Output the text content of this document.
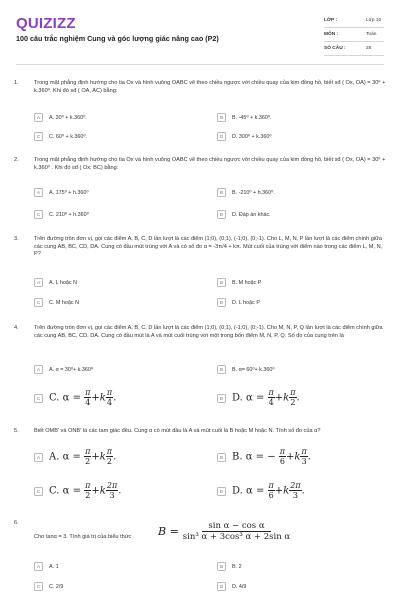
QUIZIZZ
100 câu trắc nghiệm Cung và góc lượng giác nâng cao (P2)
LỚP :	Lớp 10
MÔN :	Toán
SỐ CÂU :	25
1.	Trong mặt phẳng định hướng cho tia Ox và hình vuông OABC vẽ theo chiều ngược với chiều quay của kim đồng hồ, biết sđ ( Ox, OA) = 30⁰ + k.360⁰. Khi đó sđ ( OA, AC) bằng:
A	A. 30⁰ + k.360⁰.	B	B. -45⁰ + k.360⁰.
C	C. 60⁰ + k.360⁰.	D	D. 300⁰ + k.360⁰
2.	Trong mặt phẳng định hướng cho tia Ox và hình vuông OABC vẽ theo chiều ngược với chiều quay của kim đồng hồ, biết sđ ( Ox, OA) = 30⁰ + k.360⁰ . Khi đó sđ ( Ox; BC) bằng:
A	A. 175⁰ + h.360⁰	B	B. -210⁰ + h.360⁰.
C	C. 210⁰ + h.360⁰	D	D. Đáp án khác.
3.	Trên đường tròn đơn vị, gọi các điểm A, B, C, D lần lượt là các điểm (1;0), (0;1), (-1;0), (0;-1). Cho L, M, N, P lần lượt là các điểm chính giữa các cung AB, BC, CD, DA. Cung có đầu mút trùng với A và có số đo α = -3π/4 + kπ. Mút cuối của trùng với điểm nào trong các điểm L, M, N, P?
A	A. L hoặc N	B	B. M hoặc P
C	C. M hoặc N	D	D. L hoặc P
4.	Trên đường tròn đơn vị, gọi các điểm A, B, C, D lần lượt là các điểm (1;0), (0;1), (-1;0), (0;-1). Cho M, N, P, Q lần lượt là các điểm chính giữa các cung AB, BC, CD, DA. Cung có đầu mút là A và mút cuối trùng với một trong bốn điểm M, N, P, Q. Số đo của cung trên là
A	A. α = 30⁰+ k.360⁰	B	B. α= 60⁰+ k.360⁰
C C. $\alpha = \frac{\pi}{4} +k \frac{\pi}{4}$ .	D D. $\alpha = \frac{\pi}{4} +k \frac{\pi}{2}$ .
5.	Biết OMB' và ONB' là các tam giác đều. Cung α có mút đầu là A và mút cuối là B hoặc M hoặc N. Tính số đo của α?
A A. $\alpha = \frac{\pi}{2} +k \frac{\pi}{2}$ .	B B. α = − $\frac{\pi}{6} +k \frac{\pi}{3}$ .
C C. $\alpha = \frac{\pi}{2} +k \frac{2\pi}{3}$ .	D D. $\alpha = \frac{\pi}{6} +k \frac{2\pi}{3}$ .
6.
Cho tanα = 3. Tính giá trị của biểu thức	$B = \frac{\text{sin α − cos α}}{\text{sin³ α + 3cos³ α + 2sin α}}$
A	A. 1	B	B. 2
C	C. 2/9	D	D. 4/9
